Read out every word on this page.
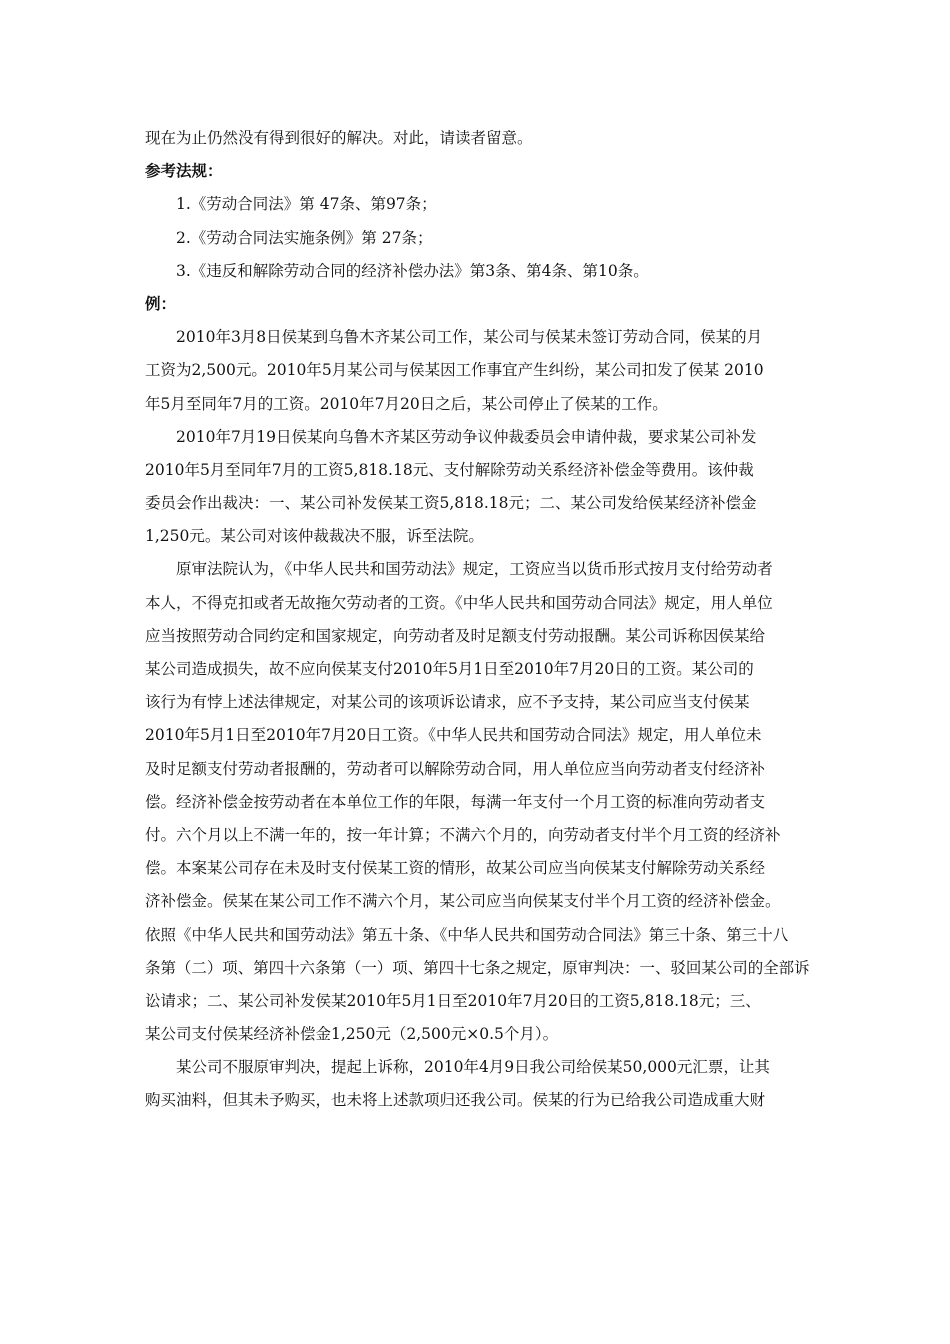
现在为止仍然没有得到很好的解决。对此，请读者留意。
参考法规：
1.《劳动合同法》第 47条、第97条；
2.《劳动合同法实施条例》第 27条；
3.《违反和解除劳动合同的经济补偿办法》第3条、第4条、第10条。
例：
　　2010年3月8日侯某到乌鲁木齐某公司工作，某公司与侯某未签订劳动合同，侯某的月
工资为2,500元。2010年5月某公司与侯某因工作事宜产生纠纷，某公司扣发了侯某 2010
年5月至同年7月的工资。2010年7月20日之后，某公司停止了侯某的工作。
　　2010年7月19日侯某向乌鲁木齐某区劳动争议仲裁委员会申请仲裁，要求某公司补发
2010年5月至同年7月的工资5,818.18元、支付解除劳动关系经济补偿金等费用。该仲裁
委员会作出裁决：一、某公司补发侯某工资5,818.18元；二、某公司发给侯某经济补偿金
1,250元。某公司对该仲裁裁决不服，诉至法院。
　　原审法院认为，《中华人民共和国劳动法》规定，工资应当以货币形式按月支付给劳动者
本人，不得克扣或者无故拖欠劳动者的工资。《中华人民共和国劳动合同法》规定，用人单位
应当按照劳动合同约定和国家规定，向劳动者及时足额支付劳动报酬。某公司诉称因侯某给
某公司造成损失，故不应向侯某支付2010年5月1日至2010年7月20日的工资。某公司的
该行为有悖上述法律规定，对某公司的该项诉讼请求，应不予支持，某公司应当支付侯某
2010年5月1日至2010年7月20日工资。《中华人民共和国劳动合同法》规定，用人单位未
及时足额支付劳动者报酬的，劳动者可以解除劳动合同，用人单位应当向劳动者支付经济补
偿。经济补偿金按劳动者在本单位工作的年限，每满一年支付一个月工资的标准向劳动者支
付。六个月以上不满一年的，按一年计算；不满六个月的，向劳动者支付半个月工资的经济补
偿。本案某公司存在未及时支付侯某工资的情形，故某公司应当向侯某支付解除劳动关系经
济补偿金。侯某在某公司工作不满六个月，某公司应当向侯某支付半个月工资的经济补偿金。
依照《中华人民共和国劳动法》第五十条、《中华人民共和国劳动合同法》第三十条、第三十八
条第（二）项、第四十六条第（一）项、第四十七条之规定，原审判决：一、驳回某公司的全部诉
讼请求；二、某公司补发侯某2010年5月1日至2010年7月20日的工资5,818.18元；三、
某公司支付侯某经济补偿金1,250元（2,500元×0.5个月）。
　　某公司不服原审判决，提起上诉称，2010年4月9日我公司给侯某50,000元汇票，让其
购买油料，但其未予购买，也未将上述款项归还我公司。侯某的行为已给我公司造成重大财
